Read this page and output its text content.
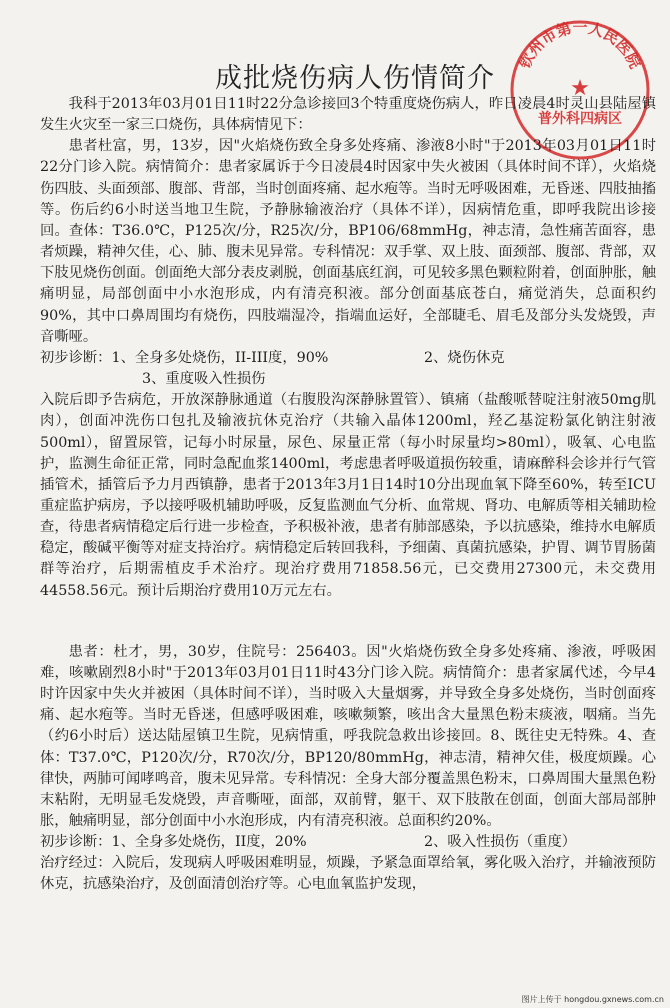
成批烧伤病人伤情简介
钦州市第一人民医院
★
普外科四病区

我科于2013年03月01日11时22分急诊接回3个特重度烧伤病人，昨日凌晨4时灵山县陆屋镇发生火灾至一家三口烧伤，具体病情见下：

患者杜富，男，13岁，因"火焰烧伤致全身多处疼痛、渗液8小时"于2013年03月01日11时22分门诊入院。病情简介：患者家属诉于今日凌晨4时因家中失火被困（具体时间不详），火焰烧伤四肢、头面颈部、腹部、背部，当时创面疼痛、起水疱等。当时无呼吸困难，无昏迷、四肢抽搐等。伤后约6小时送当地卫生院，予静脉输液治疗（具体不详），因病情危重，即呼我院出诊接回。查体：T36.0℃，P125次/分，R25次/分，BP106/68mmHg，神志清，急性痛苦面容，患者烦躁，精神欠佳，心、肺、腹未见异常。专科情况：双手掌、双上肢、面颈部、腹部、背部，双下肢见烧伤创面。创面绝大部分表皮剥脱，创面基底红润，可见较多黑色颗粒附着，创面肿胀，触痛明显，局部创面中小水泡形成，内有清亮积液。部分创面基底苍白，痛觉消失，总面积约90%，其中口鼻周围均有烧伤，四肢端湿冷，指端血运好，全部睫毛、眉毛及部分头发烧毁，声音嘶哑。

初步诊断：1、全身多处烧伤，II-III度，90%	2、烧伤休克
3、重度吸入性损伤

入院后即予告病危，开放深静脉通道（右腹股沟深静脉置管）、镇痛（盐酸哌替啶注射液50mg肌肉），创面冲洗伤口包扎及输液抗休克治疗（共输入晶体1200ml，羟乙基淀粉氯化钠注射液500ml），留置尿管，记每小时尿量，尿色、尿量正常（每小时尿量均>80ml），吸氧、心电监护，监测生命征正常，同时急配血浆1400ml，考虑患者呼吸道损伤较重，请麻醉科会诊并行气管插管术，插管后予力月西镇静，患者于2013年3月1日14时10分出现血氧下降至60%，转至ICU重症监护病房，予以接呼吸机辅助呼吸，反复监测血气分析、血常规、肾功、电解质等相关辅助检查，待患者病情稳定后行进一步检查，予积极补液，患者有肺部感染，予以抗感染，维持水电解质稳定，酸碱平衡等对症支持治疗。病情稳定后转回我科，予细菌、真菌抗感染，护胃、调节胃肠菌群等治疗，后期需植皮手术治疗。现治疗费用71858.56元，已交费用27300元，未交费用44558.56元。预计后期治疗费用10万元左右。

患者：杜才，男，30岁，住院号：256403。因"火焰烧伤致全身多处疼痛、渗液，呼吸困难，咳嗽剧烈8小时"于2013年03月01日11时43分门诊入院。病情简介：患者家属代述，今早4时许因家中失火并被困（具体时间不详），当时吸入大量烟雾，并导致全身多处烧伤，当时创面疼痛、起水疱等。当时无昏迷，但感呼吸困难，咳嗽频繁，咳出含大量黑色粉末痰液，咽痛。当先（约6小时后）送达陆屋镇卫生院，见病情重，呼我院急救出诊接回。8、既往史无特殊。4、查体：T37.0℃，P120次/分，R70次/分，BP120/80mmHg，神志清，精神欠佳，极度烦躁。心律快，两肺可闻哮鸣音，腹未见异常。专科情况：全身大部分覆盖黑色粉末，口鼻周围大量黑色粉末粘附，无明显毛发烧毁，声音嘶哑，面部，双前臂，躯干、双下肢散在创面，创面大部局部肿胀，触痛明显，部分创面中小水泡形成，内有清亮积液。总面积约20%。

初步诊断：1、全身多处烧伤，II度，20%	2、吸入性损伤（重度）

治疗经过：入院后，发现病人呼吸困难明显，烦躁，予紧急面罩给氧，雾化吸入治疗，并输液预防休克，抗感染治疗，及创面清创治疗等。心电血氧监护发现，

图片上传于 hongdou.gxnews.com.cn
